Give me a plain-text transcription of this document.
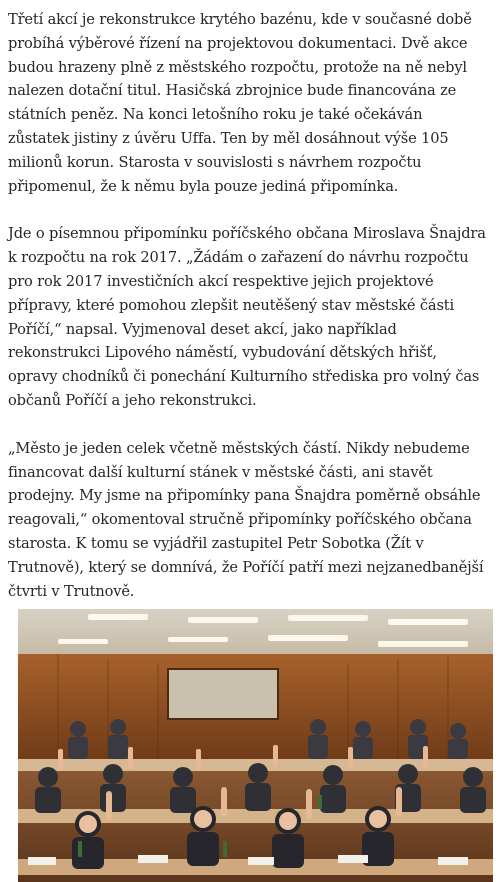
Třetí akcí je rekonstrukce krytého bazénu, kde v současné době probíhá výběrové řízení na projektovou dokumentaci. Dvě akce budou hrazeny plně z městského rozpočtu, protože na ně nebyl nalezen dotační titul. Hasičská zbrojnice bude financována ze státních peněz. Na konci letošního roku je také očekáván zůstatek jistiny z úvěru Uffa. Ten by měl dosáhnout výše 105 milionů korun. Starosta v souvislosti s návrhem rozpočtu připomenul, že k němu byla pouze jediná připomínka.

Jde o písemnou připomínku poříčského občana Miroslava Šnajdra k rozpočtu na rok 2017. „Žádám o zařazení do návrhu rozpočtu pro rok 2017 investičních akcí respektive jejich projektové přípravy, které pomohou zlepšit neutěšený stav městské části Poříčí,“ napsal. Vyjmenoval deset akcí, jako například rekonstrukci Lipového náměstí, vybudování dětských hřišť, opravy chodníků či ponechání Kulturního střediska pro volný čas občanů Poříčí a jeho rekonstrukci.

„Město je jeden celek včetně městských částí. Nikdy nebudeme financovat další kulturní stánek v městské části, ani stavět prodejny. My jsme na připomínky pana Šnajdra poměrně obsáhle reagovali,“ okomentoval stručně připomínky poříčského občana starosta. K tomu se vyjádřil zastupitel Petr Sobotka (Žít v Trutnově), který se domnívá, že Poříčí patří mezi nejzanedbanější čtvrti v Trutnově.
